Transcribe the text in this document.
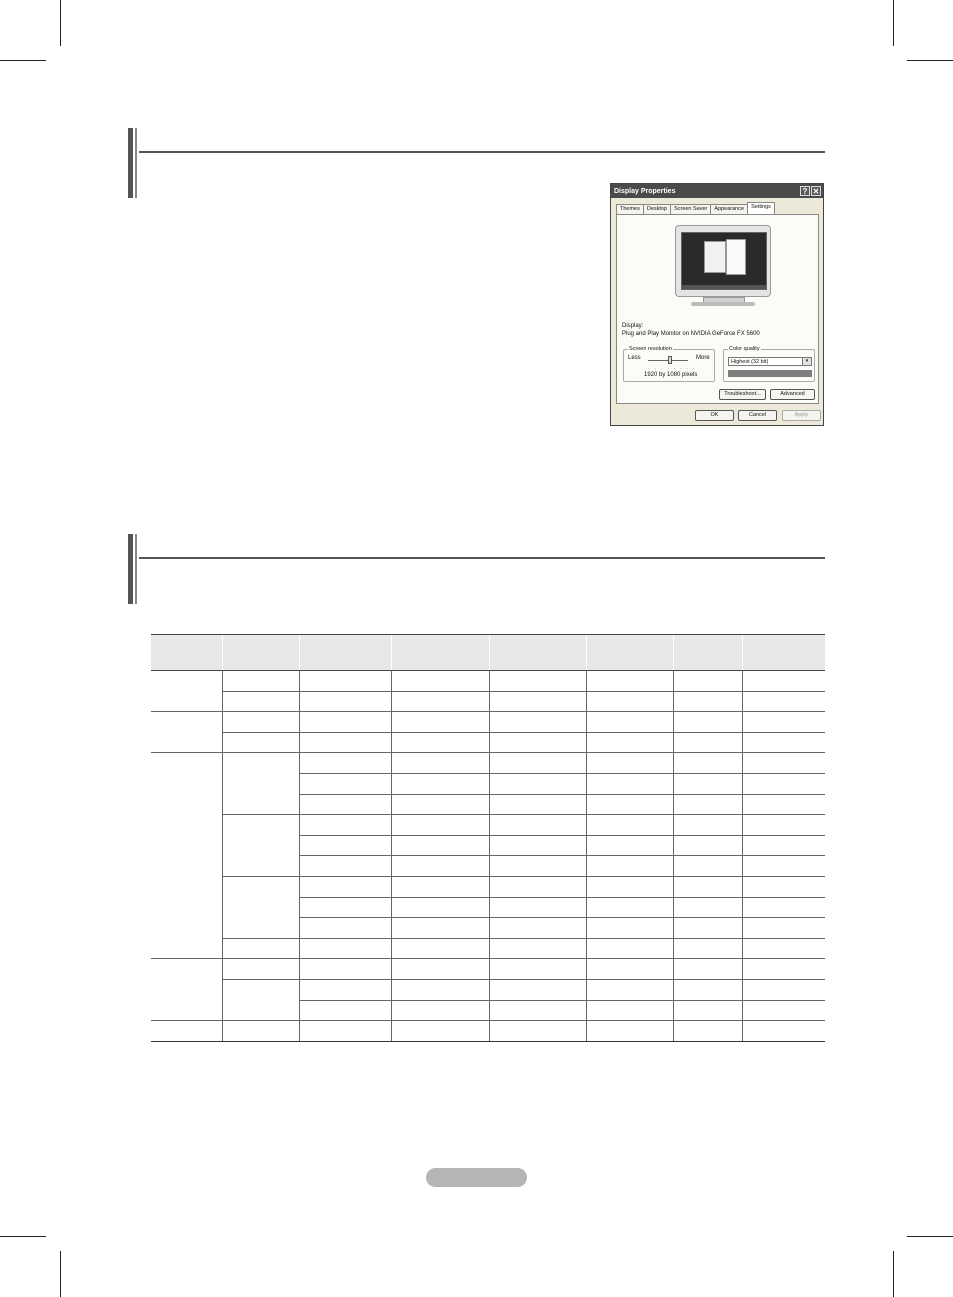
Display Properties	? ✕
Themes	Desktop	Screen Saver	Appearance	Settings
Display:
Plug and Play Monitor on NVIDIA GeForce FX 5600
Screen resolution
Less
· · · · · · · ·
More
1920 by 1080 pixels
Color quality
Highest (32 bit)	▾
Troubleshoot...	Advanced
OK	Cancel	Apply
